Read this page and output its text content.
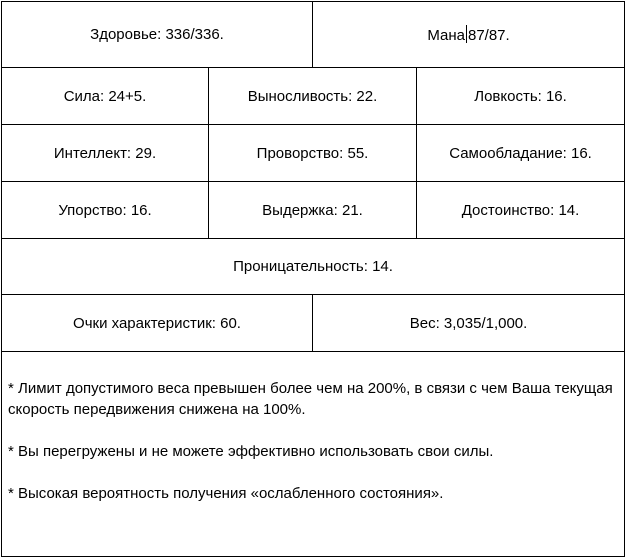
Здоровье: 336/336.		Мана 87/87.	
Сила: 24+5.	Выносливость: 22.		Ловкость: 16.
Интеллект: 29.	Проворство: 55.		Самообладание: 16.
Упорство: 16.	Выдержка: 21.		Достоинство: 14.
Проницательность: 14.			
Очки характеристик: 60.		Вес: 3,035/1,000.	

* Лимит допустимого веса превышен более чем на 200%, в связи с чем Ваша текущая скорость передвижения снижена на 100%.

* Вы перегружены и не можете эффективно использовать свои силы.

* Высокая вероятность получения «ослабленного состояния».			
